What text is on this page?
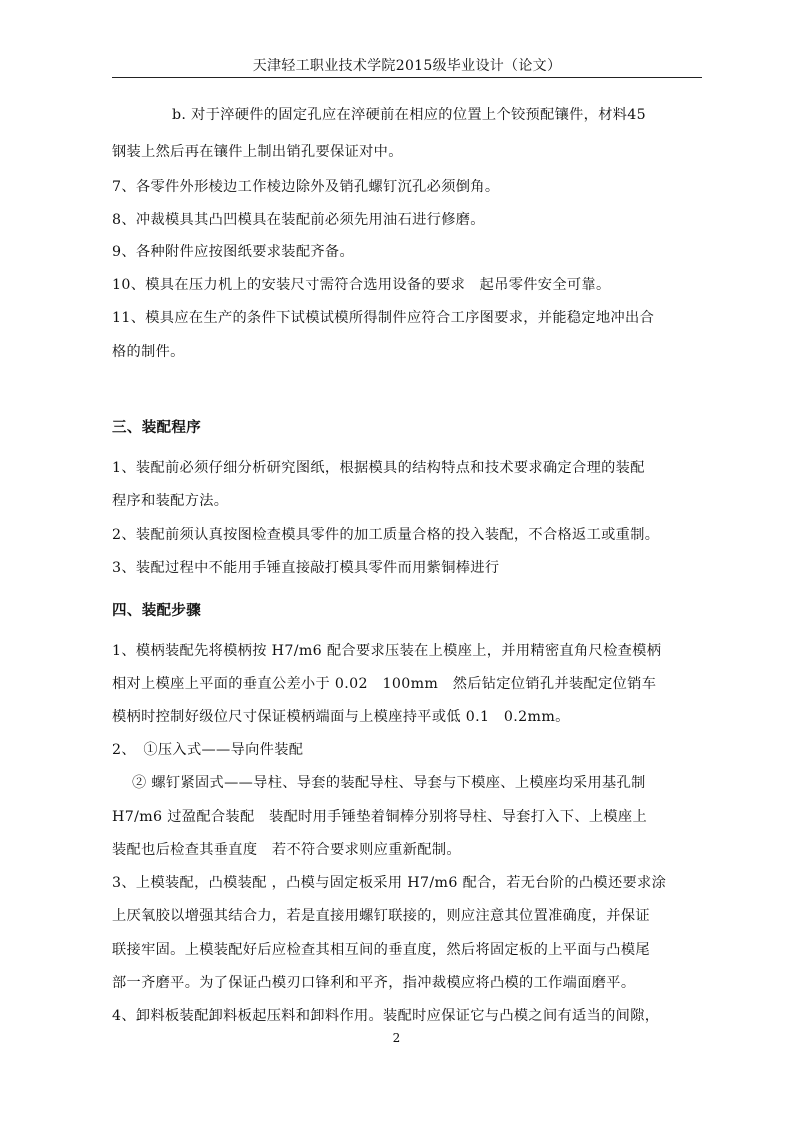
天津轻工职业技术学院2015级毕业设计（论文）
b. 对于淬硬件的固定孔应在淬硬前在相应的位置上个铰预配镶件，材料45
钢装上然后再在镶件上制出销孔要保证对中。
7、各零件外形棱边工作棱边除外及销孔螺钉沉孔必须倒角。
8、冲裁模具其凸凹模具在装配前必须先用油石进行修磨。
9、各种附件应按图纸要求装配齐备。
10、模具在压力机上的安装尺寸需符合选用设备的要求　起吊零件安全可靠。
11、模具应在生产的条件下试模试模所得制件应符合工序图要求，并能稳定地冲出合
格的制件。
三、装配程序
1、装配前必须仔细分析研究图纸，根据模具的结构特点和技术要求确定合理的装配
程序和装配方法。
2、装配前须认真按图检查模具零件的加工质量合格的投入装配，不合格返工或重制。
3、装配过程中不能用手锤直接敲打模具零件而用紫铜棒进行
四、装配步骤
1、模柄装配先将模柄按 H7/m6 配合要求压装在上模座上，并用精密直角尺检查模柄
相对上模座上平面的垂直公差小于 0.02　100mm　然后钻定位销孔并装配定位销车
模柄时控制好级位尺寸保证模柄端面与上模座持平或低 0.1　0.2mm。
2、　①压入式——导向件装配
② 螺钉紧固式——导柱、导套的装配导柱、导套与下模座、上模座均采用基孔制
H7/m6 过盈配合装配　装配时用手锤垫着铜棒分别将导柱、导套打入下、上模座上
装配也后检查其垂直度　若不符合要求则应重新配制。
3、上模装配，凸模装配 ，凸模与固定板采用 H7/m6 配合，若无台阶的凸模还要求涂
上厌氧胶以增强其结合力，若是直接用螺钉联接的，则应注意其位置准确度，并保证
联接牢固。上模装配好后应检查其相互间的垂直度，然后将固定板的上平面与凸模尾
部一齐磨平。为了保证凸模刃口锋利和平齐，指冲裁模应将凸模的工作端面磨平。
4、卸料板装配卸料板起压料和卸料作用。装配时应保证它与凸模之间有适当的间隙，
2
